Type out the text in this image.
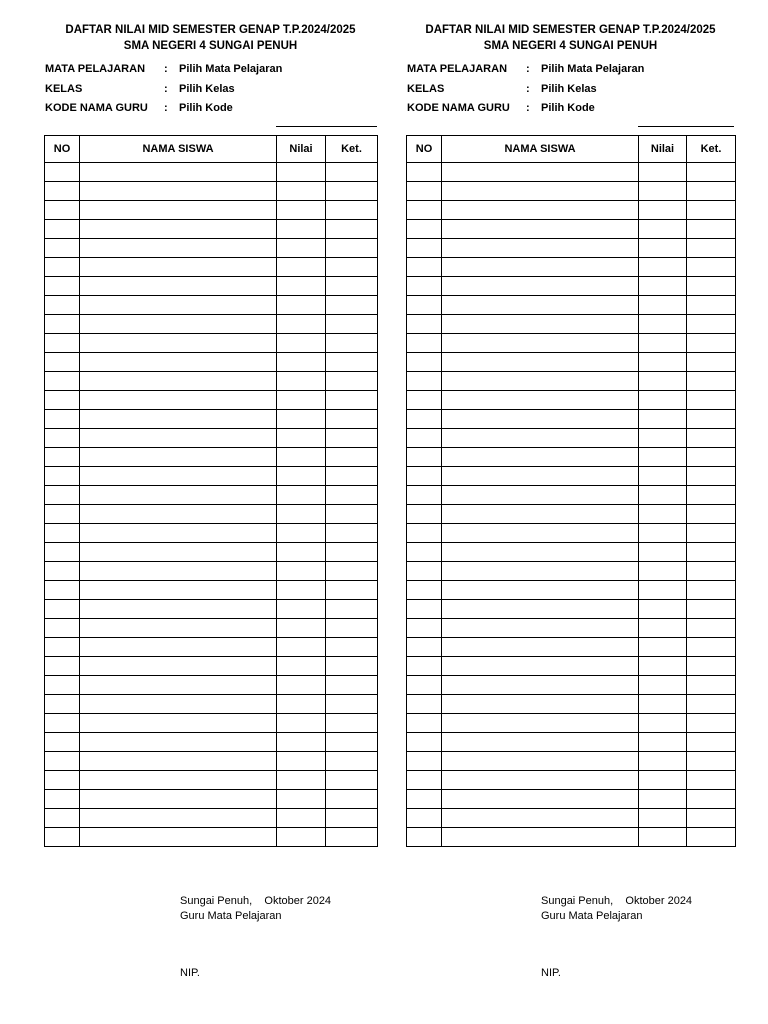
DAFTAR NILAI MID SEMESTER GENAP T.P.2024/2025
SMA NEGERI 4 SUNGAI PENUH
MATA PELAJARAN : Pilih Mata Pelajaran
KELAS	: Pilih Kelas
KODE NAMA GURU : Pilih Kode
NO	NAMA SISWA	Nilai	Ket.

Sungai Penuh,    Oktober 2024
Guru Mata Pelajaran
NIP.
DAFTAR NILAI MID SEMESTER GENAP T.P.2024/2025
SMA NEGERI 4 SUNGAI PENUH
MATA PELAJARAN : Pilih Mata Pelajaran
KELAS	: Pilih Kelas
KODE NAMA GURU : Pilih Kode
NO	NAMA SISWA	Nilai	Ket.

Sungai Penuh,    Oktober 2024
Guru Mata Pelajaran
NIP.
